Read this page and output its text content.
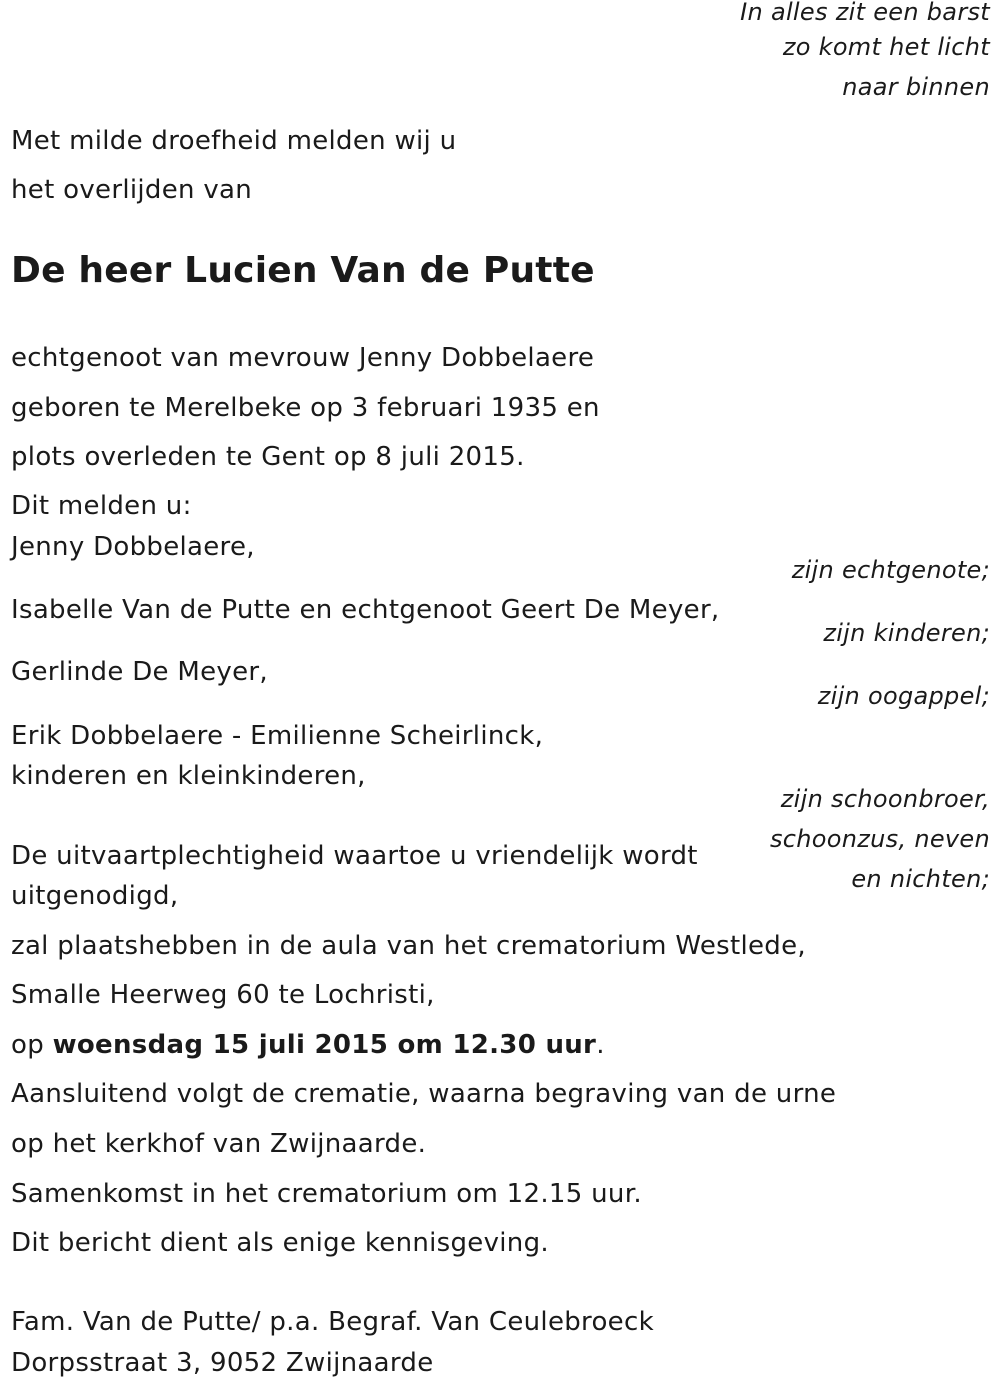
In alles zit een barst
zo komt het licht
naar binnen
Met milde droefheid melden wij u
het overlijden van
De heer Lucien Van de Putte
echtgenoot van mevrouw Jenny Dobbelaere
geboren te Merelbeke op 3 februari 1935 en
plots overleden te Gent op 8 juli 2015.
Dit melden u:
Jenny Dobbelaere,
zijn echtgenote;
Isabelle Van de Putte en echtgenoot Geert De Meyer,
zijn kinderen;
Gerlinde De Meyer,
zijn oogappel;
Erik Dobbelaere - Emilienne Scheirlinck,
kinderen en kleinkinderen,
zijn schoonbroer,
schoonzus, neven
en nichten;
De uitvaartplechtigheid waartoe u vriendelijk wordt
uitgenodigd,
zal plaatshebben in de aula van het crematorium Westlede,
Smalle Heerweg 60 te Lochristi,
op woensdag 15 juli 2015 om 12.30 uur.
Aansluitend volgt de crematie, waarna begraving van de urne
op het kerkhof van Zwijnaarde.
Samenkomst in het crematorium om 12.15 uur.
Dit bericht dient als enige kennisgeving.
Fam. Van de Putte/ p.a. Begraf. Van Ceulebroeck
Dorpsstraat 3, 9052 Zwijnaarde
